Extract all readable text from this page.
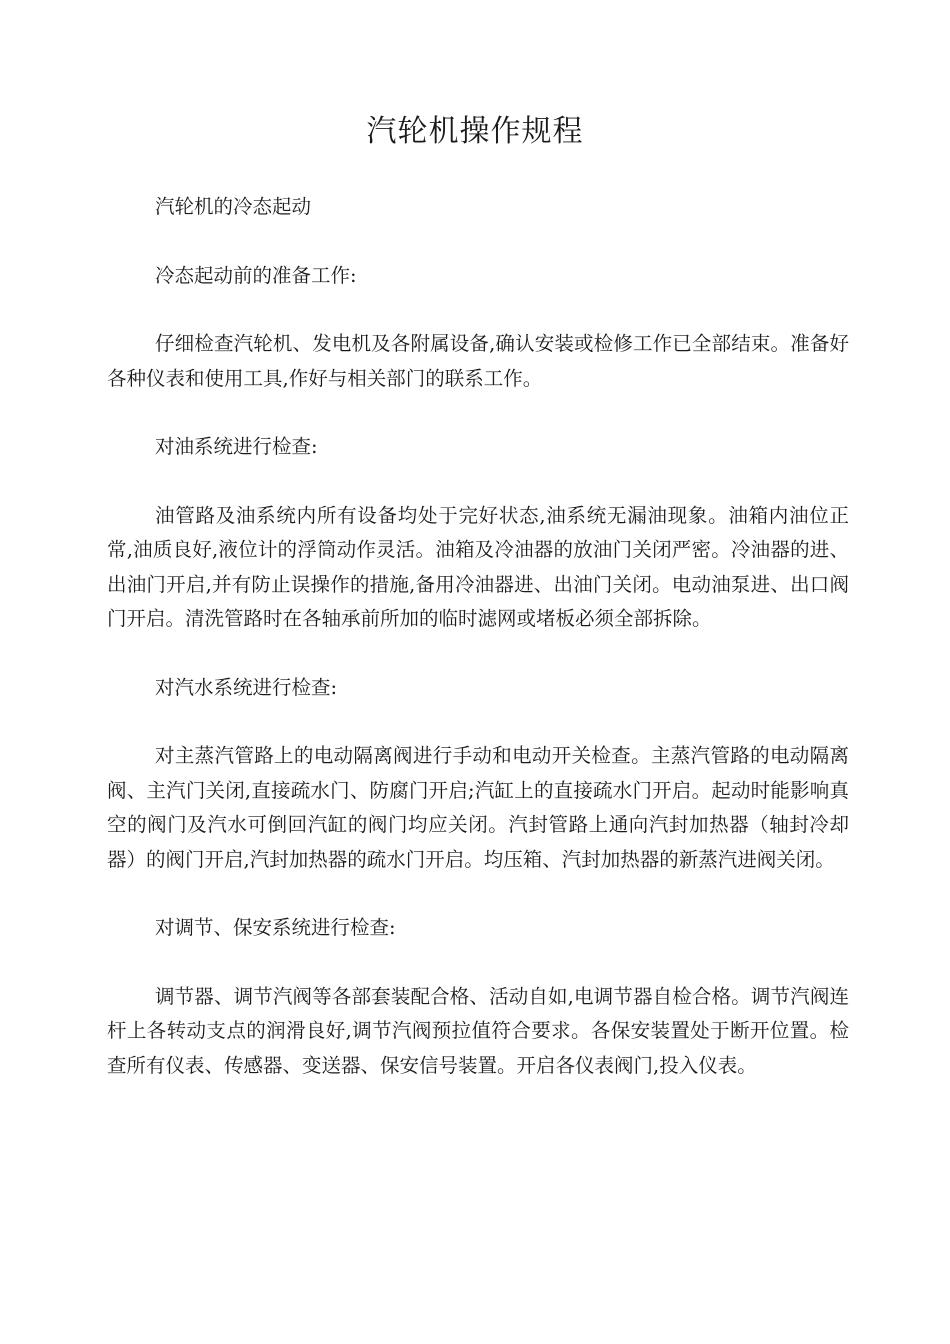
汽轮机操作规程

汽轮机的冷态起动

冷态起动前的准备工作:

仔细检查汽轮机、发电机及各附属设备,确认安装或检修工作已全部结束。准备好各种仪表和使用工具,作好与相关部门的联系工作。

对油系统进行检查:

油管路及油系统内所有设备均处于完好状态,油系统无漏油现象。油箱内油位正常,油质良好,液位计的浮筒动作灵活。油箱及冷油器的放油门关闭严密。冷油器的进、出油门开启,并有防止误操作的措施,备用冷油器进、出油门关闭。电动油泵进、出口阀门开启。清洗管路时在各轴承前所加的临时滤网或堵板必须全部拆除。

对汽水系统进行检查:

对主蒸汽管路上的电动隔离阀进行手动和电动开关检查。主蒸汽管路的电动隔离阀、主汽门关闭,直接疏水门、防腐门开启;汽缸上的直接疏水门开启。起动时能影响真空的阀门及汽水可倒回汽缸的阀门均应关闭。汽封管路上通向汽封加热器（轴封冷却器）的阀门开启,汽封加热器的疏水门开启。均压箱、汽封加热器的新蒸汽进阀关闭。

对调节、保安系统进行检查:

调节器、调节汽阀等各部套装配合格、活动自如,电调节器自检合格。调节汽阀连杆上各转动支点的润滑良好,调节汽阀预拉值符合要求。各保安装置处于断开位置。检查所有仪表、传感器、变送器、保安信号装置。开启各仪表阀门,投入仪表。
